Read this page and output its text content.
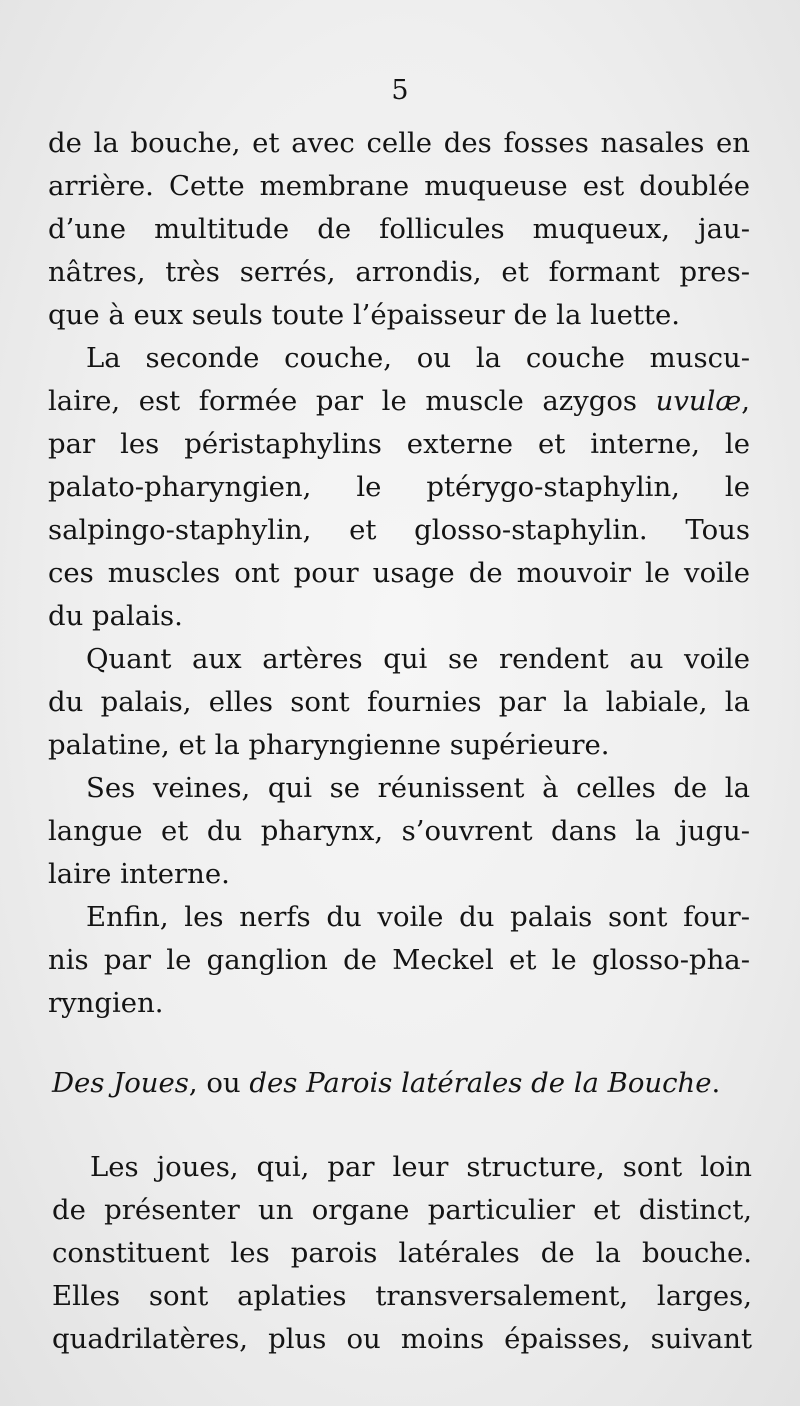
5
de la bouche, et avec celle des fosses nasales en
arrière. Cette membrane muqueuse est doublée
d’une multitude de follicules muqueux, jau-
nâtres, très serrés, arrondis, et formant pres-
que à eux seuls toute l’épaisseur de la luette.
La seconde couche, ou la couche muscu-
laire, est formée par le muscle azygos uvulæ,
par les péristaphylins externe et interne, le
palato-pharyngien, le ptérygo-staphylin, le
salpingo-staphylin, et glosso-staphylin. Tous
ces muscles ont pour usage de mouvoir le voile
du palais.
Quant aux artères qui se rendent au voile
du palais, elles sont fournies par la labiale, la
palatine, et la pharyngienne supérieure.
Ses veines, qui se réunissent à celles de la
langue et du pharynx, s’ouvrent dans la jugu-
laire interne.
Enfin, les nerfs du voile du palais sont four-
nis par le ganglion de Meckel et le glosso-pha-
ryngien.
Des Joues, ou des Parois latérales de la Bouche.
Les joues, qui, par leur structure, sont loin
de présenter un organe particulier et distinct,
constituent les parois latérales de la bouche.
Elles sont aplaties transversalement, larges,
quadrilatères, plus ou moins épaisses, suivant
